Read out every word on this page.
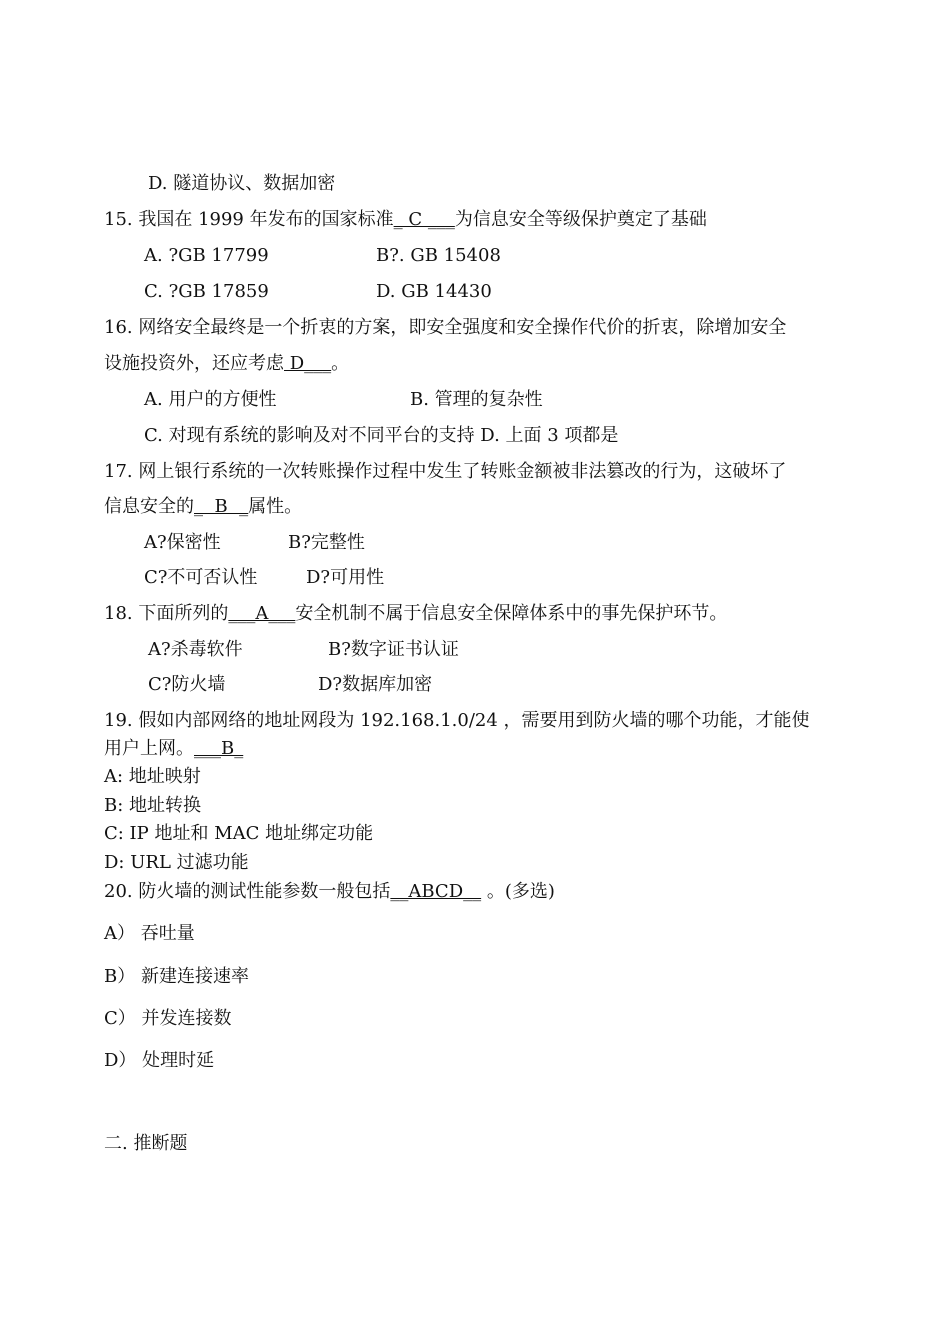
D. 隧道协议、数据加密
15. 我国在 1999 年发布的国家标准_ C ___为信息安全等级保护奠定了基础
A. ?GB 17799	B?. GB 15408
C. ?GB 17859	D. GB 14430
16. 网络安全最终是一个折衷的方案，即安全强度和安全操作代价的折衷，除增加安全
设施投资外，还应考虑 D___。
A. 用户的方便性	B. 管理的复杂性
C. 对现有系统的影响及对不同平台的支持 D. 上面 3 项都是
17. 网上银行系统的一次转账操作过程中发生了转账金额被非法篡改的行为，这破坏了
信息安全的_  B  _属性。
A?保密性	B?完整性
C?不可否认性	D?可用性
18. 下面所列的___A___安全机制不属于信息安全保障体系中的事先保护环节。
A?杀毒软件	B?数字证书认证
C?防火墙	D?数据库加密
19. 假如内部网络的地址网段为 192.168.1.0/24 ，需要用到防火墙的哪个功能，才能使
用户上网。___B_
A: 地址映射
B: 地址转换
C: IP 地址和 MAC 地址绑定功能
D: URL 过滤功能
20. 防火墙的测试性能参数一般包括__ABCD__ 。(多选)
A） 吞吐量
B） 新建连接速率
C） 并发连接数
D） 处理时延
二. 推断题
